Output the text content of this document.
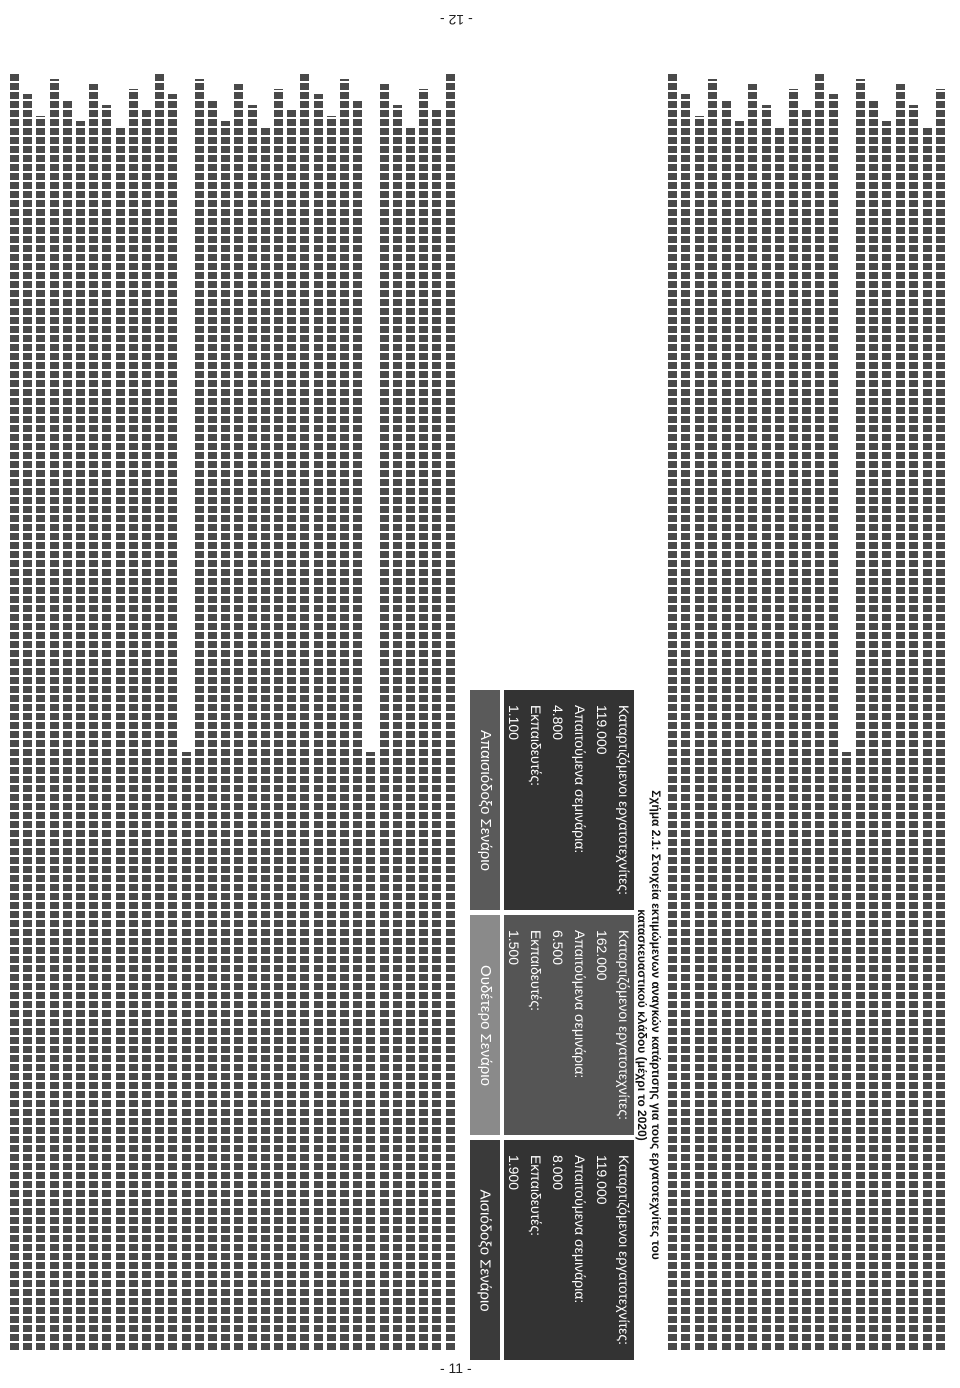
- 12 -
- 11 -
Απαισιόδοξο Σενάριο	Καταρτιζόμενοι εργατοτεχνίτες:
119.000
Απαιτούμενα σεμινάρια:
4.800
Εκπαιδευτές:
1.100
Ουδέτερο Σενάριο	Καταρτιζόμενοι εργατοτεχνίτες:
162.000
Απαιτούμενα σεμινάρια:
6.500
Εκπαιδευτές:
1.500
Αισιόδοξο Σενάριο	Καταρτιζόμενοι εργατοτεχνίτες:
119.000
Απαιτούμενα σεμινάρια:
8.000
Εκπαιδευτές:
1.900	Σχήμα 2.1: Στοιχεία εκτιμώμενων αναγκών κατάρτισης για τους εργατοτεχνίτες του
κατασκευαστικού κλάδου (μέχρι το 2020)
